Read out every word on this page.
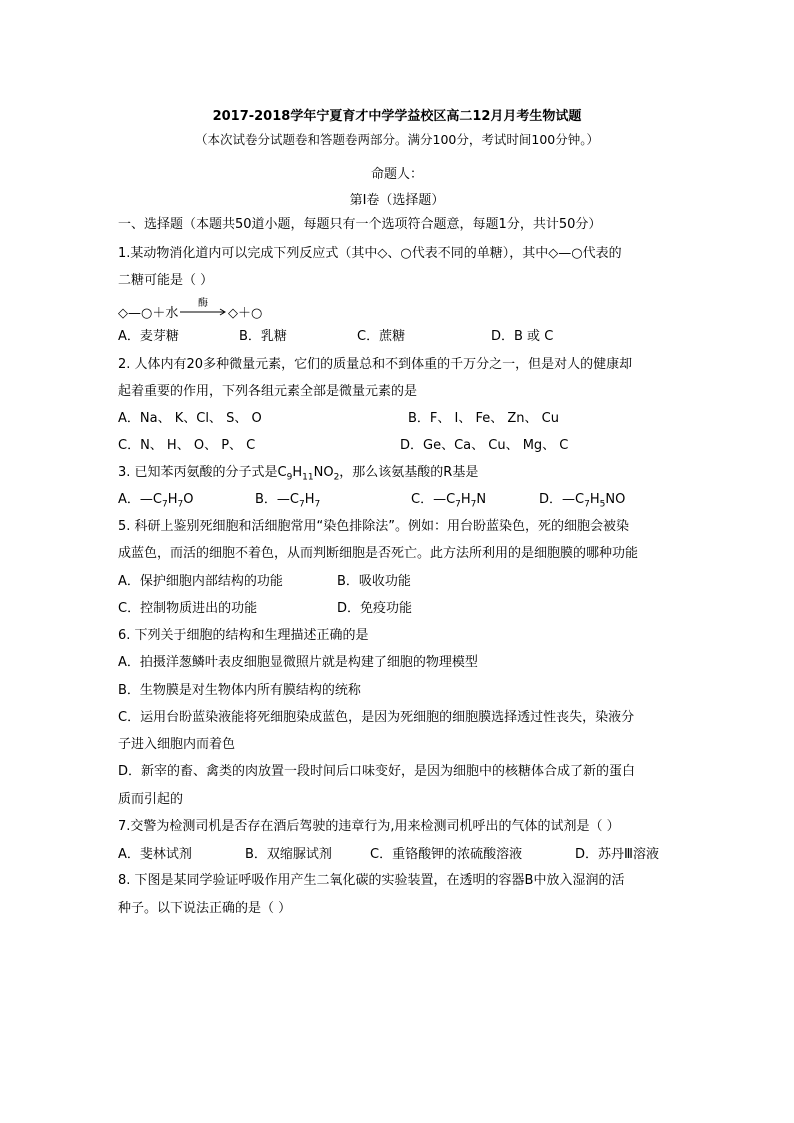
2017-2018学年宁夏育才中学学益校区高二12月月考生物试题
（本次试卷分试题卷和答题卷两部分。满分100分，考试时间100分钟。）
命题人：
第Ⅰ卷（选择题）
一、选择题（本题共50道小题，每题只有一个选项符合题意，每题1分，共计50分）
1.某动物消化道内可以完成下列反应式（其中◇、○代表不同的单糖），其中◇—○代表的
二糖可能是（ ）
◇—○＋水
酶
→ ◇＋○
A．麦芽糖	B．乳糖	C．蔗糖	D．B 或 C
2. 人体内有20多种微量元素，它们的质量总和不到体重的千万分之一，但是对人的健康却
起着重要的作用，下列各组元素全部是微量元素的是
A．Na、 K、Cl、 S、 O	B．F、 I、 Fe、 Zn、 Cu
C．N、 H、 O、 P、 C	D．Ge、Ca、 Cu、 Mg、 C
3. 已知苯丙氨酸的分子式是$C_9H_{11}NO_2$，那么该氨基酸的R基是
A．$—C_7H_7O$	B．$—C_7H_7$	C．$—C_7H_7N$	D．$—C_7H_5NO$
5. 科研上鉴别死细胞和活细胞常用“染色排除法”。例如：用台盼蓝染色，死的细胞会被染
成蓝色，而活的细胞不着色，从而判断细胞是否死亡。此方法所利用的是细胞膜的哪种功能
A．保护细胞内部结构的功能	B．吸收功能
C．控制物质进出的功能	D．免疫功能
6. 下列关于细胞的结构和生理描述正确的是
A．拍摄洋葱鳞叶表皮细胞显微照片就是构建了细胞的物理模型
B．生物膜是对生物体内所有膜结构的统称
C．运用台盼蓝染液能将死细胞染成蓝色，是因为死细胞的细胞膜选择透过性丧失，染液分
子进入细胞内而着色
D．新宰的畜、禽类的肉放置一段时间后口味变好，是因为细胞中的核糖体合成了新的蛋白
质而引起的
7.交警为检测司机是否存在酒后驾驶的违章行为,用来检测司机呼出的气体的试剂是（ ）
A．斐林试剂	B．双缩脲试剂	C．重铬酸钾的浓硫酸溶液	D．苏丹Ⅲ溶液
8. 下图是某同学验证呼吸作用产生二氧化碳的实验装置，在透明的容器B中放入湿润的活
种子。以下说法正确的是（ ）
